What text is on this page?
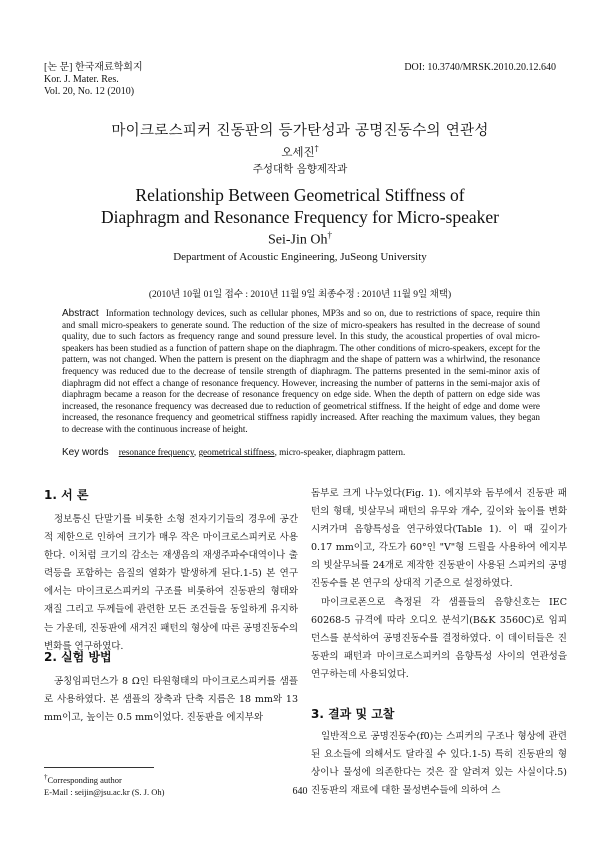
[논 문] 한국재료학회지
Kor. J. Mater. Res.
Vol. 20, No. 12 (2010)
DOI: 10.3740/MRSK.2010.20.12.640
마이크로스피커 진동판의 등가탄성과 공명진동수의 연관성
오세진†
주성대학 음향제작과
Relationship Between Geometrical Stiffness of
Diaphragm and Resonance Frequency for Micro-speaker
Sei-Jin Oh†
Department of Acoustic Engineering, JuSeong University
(2010년 10월 01일 접수 : 2010년 11월 9일 최종수정 : 2010년 11월 9일 채택)
Abstract Information technology devices, such as cellular phones, MP3s and so on, due to restrictions of space, require thin and small micro-speakers to generate sound. The reduction of the size of micro-speakers has resulted in the decrease of sound quality, due to such factors as frequency range and sound pressure level. In this study, the acoustical properties of oval micro-speakers has been studied as a function of pattern shape on the diaphragm. The other conditions of micro-speakers, except for the pattern, was not changed. When the pattern is present on the diaphragm and the shape of pattern was a whirlwind, the resonance frequency was reduced due to the decrease of tensile strength of diaphragm. The patterns presented in the semi-minor axis of diaphragm did not effect a change of resonance frequency. However, increasing the number of patterns in the semi-major axis of diaphragm became a reason for the decrease of resonance frequency on edge side. When the depth of pattern on edge side was increased, the resonance frequency was decreased due to reduction of geometrical stiffness. If the height of edge and dome were increased, the resonance frequency and geometrical stiffness rapidly increased. After reaching the maximum values, they began to decrease with the continuous increase of height.
Key words resonance frequency, geometrical stiffness, micro-speaker, diaphragm pattern.
1. 서 론

정보통신 단말기를 비롯한 소형 전자기기들의 경우에 공간적 제한으로 인하여 크기가 매우 작은 마이크로스피커로 사용한다. 이처럼 크기의 감소는 재생음의 재생주파수대역이나 출력등을 포함하는 음질의 열화가 발생하게 된다.1-5) 본 연구에서는 마이크로스피커의 구조를 비롯하여 진동판의 형태와 재질 그리고 두께들에 관련한 모든 조건들을 동일하게 유지하는 가운데, 진동판에 새겨진 패턴의 형상에 따른 공명진동수의 변화를 연구하였다.

2. 실험 방법

공칭임피던스가 8 Ω인 타원형태의 마이크로스피커를 샘플로 사용하였다. 본 샘플의 장축과 단축 지름은 18 mm와 13 mm이고, 높이는 0.5 mm이었다. 진동판을 에지부와

†Corresponding author
E-Mail : seijin@jsu.ac.kr (S. J. Oh)

돔부로 크게 나누었다(Fig. 1). 에지부와 돔부에서 진동판 패턴의 형태, 빗살무늬 패턴의 유무와 개수, 깊이와 높이를 변화시켜가며 음향특성을 연구하였다(Table 1). 이 때 깊이가 0.17 mm이고, 각도가 60°인 "V"형 드릴을 사용하여 에지부의 빗살무늬를 24개로 제작한 진동판이 사용된 스피커의 공명진동수를 본 연구의 상대적 기준으로 설정하였다.

마이크로폰으로 측정된 각 샘플들의 음향신호는 IEC 60268-5 규격에 따라 오디오 분석기(B&K 3560C)로 임피던스를 분석하여 공명진동수를 결정하였다. 이 데이터들은 진동판의 패턴과 마이크로스피커의 음향특성 사이의 연관성을 연구하는데 사용되었다.

3. 결과 및 고찰

일반적으로 공명진동수(f0)는 스피커의 구조나 형상에 관련된 요소들에 의해서도 달라질 수 있다.1-5) 특히 진동판의 형상이나 물성에 의존한다는 것은 잘 알려져 있는 사실이다.5) 진동판의 재료에 대한 물성변수들에 의하여 스

640
